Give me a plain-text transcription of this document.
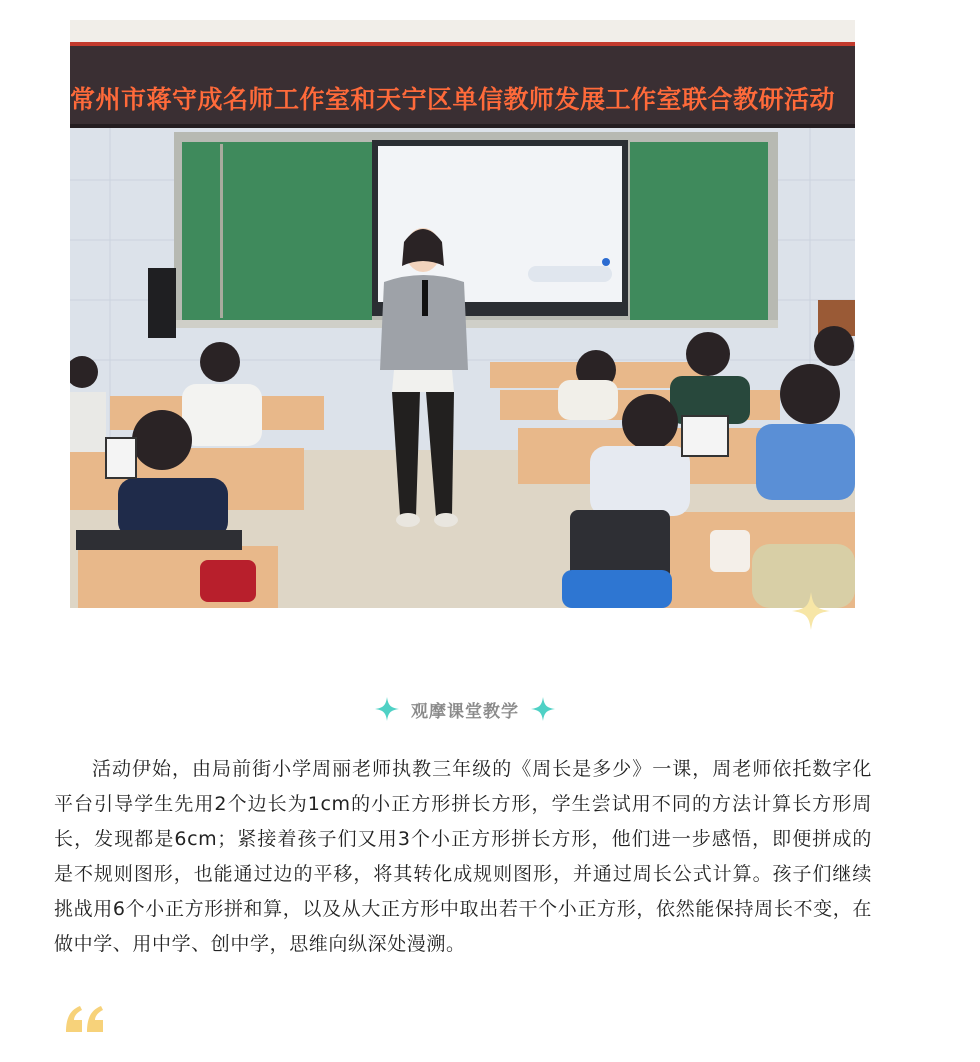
常州市蒋守成名师工作室和天宁区单信教师发展工作室联合教研活动
观摩课堂教学

活动伊始，由局前街小学周丽老师执教三年级的《周长是多少》一课，周老师依托数字化平台引导学生先用2个边长为1cm的小正方形拼长方形，学生尝试用不同的方法计算长方形周长，发现都是6cm；紧接着孩子们又用3个小正方形拼长方形，他们进一步感悟，即便拼成的是不规则图形，也能通过边的平移，将其转化成规则图形，并通过周长公式计算。孩子们继续挑战用6个小正方形拼和算，以及从大正方形中取出若干个小正方形，依然能保持周长不变，在做中学、用中学、创中学，思维向纵深处漫溯。
